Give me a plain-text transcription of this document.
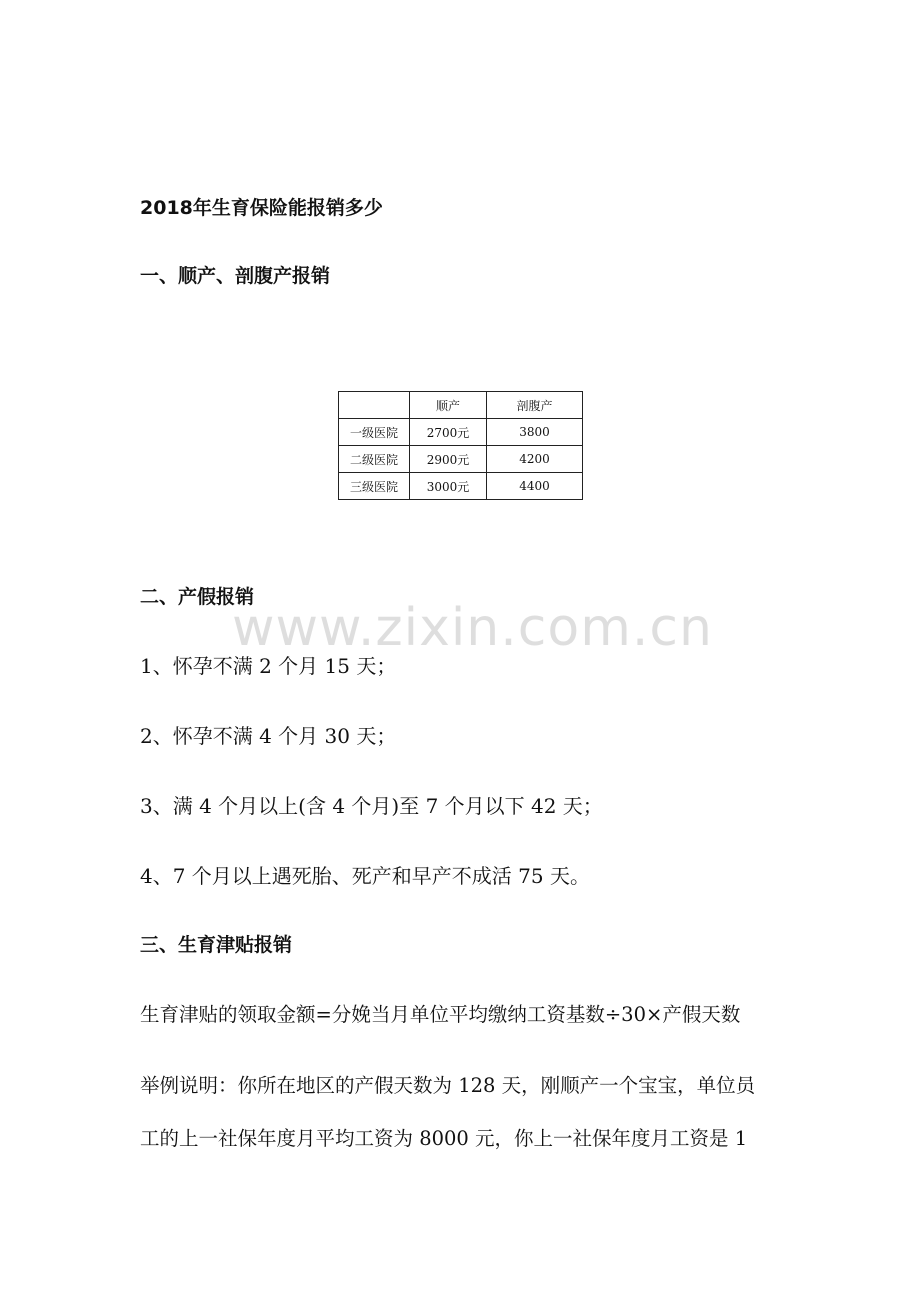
2018年生育保险能报销多少
一、顺产、剖腹产报销
	顺产	剖腹产
一级医院	2700元	3800
二级医院	2900元	4200
三级医院	3000元	4400
二、产假报销
www.zixin.com.cn
1、怀孕不满 2 个月 15 天；
2、怀孕不满 4 个月 30 天；
3、满 4 个月以上(含 4 个月)至 7 个月以下 42 天；
4、7 个月以上遇死胎、死产和早产不成活 75 天。
三、生育津贴报销
生育津贴的领取金额=分娩当月单位平均缴纳工资基数÷30×产假天数
举例说明：你所在地区的产假天数为 128 天，刚顺产一个宝宝，单位员
工的上一社保年度月平均工资为 8000 元，你上一社保年度月工资是 1
